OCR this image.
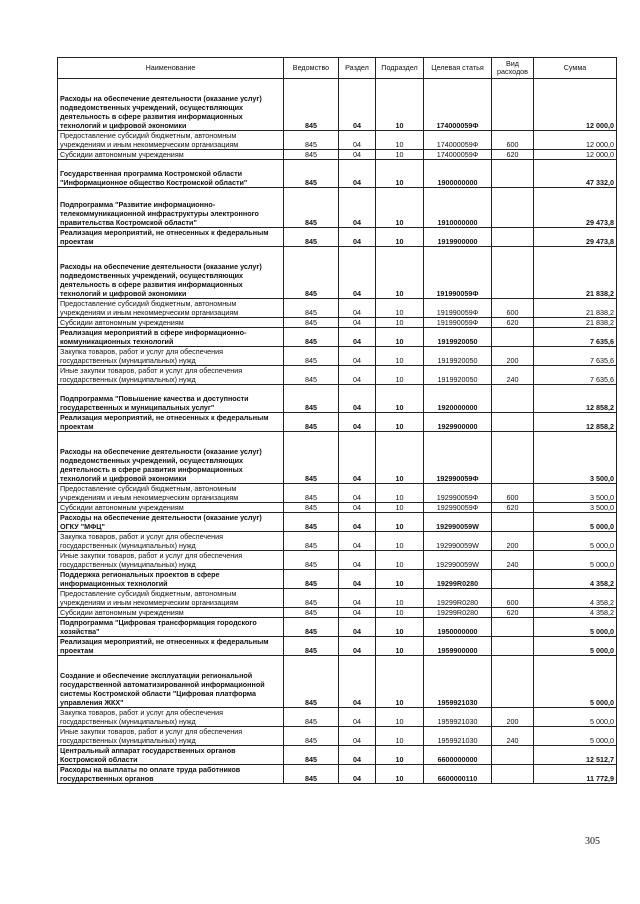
Наименование	Ведомство	Раздел	Подраздел	Целевая статья	Вид расходов	Сумма
Расходы на обеспечение деятельности (оказание услуг) подведомственных учреждений, осуществляющих деятельность в сфере развития информационных технологий и цифровой экономики	845	04	10	174000059Ф		12 000,0
Предоставление субсидий бюджетным, автономным учреждениям и иным некоммерческим организациям	845	04	10	174000059Ф	600	12 000,0
Субсидии автономным учреждениям	845	04	10	174000059Ф	620	12 000,0
Государственная программа Костромской области "Информационное общество Костромской области"	845	04	10	1900000000		47 332,0
Подпрограмма "Развитие информационно-телекоммуникационной инфраструктуры электронного правительства Костромской области"	845	04	10	1910000000		29 473,8
Реализация мероприятий, не отнесенных к федеральным проектам	845	04	10	1919900000		29 473,8
Расходы на обеспечение деятельности (оказание услуг) подведомственных учреждений, осуществляющих деятельность в сфере развития информационных технологий и цифровой экономики	845	04	10	191990059Ф		21 838,2
Предоставление субсидий бюджетным, автономным учреждениям и иным некоммерческим организациям	845	04	10	191990059Ф	600	21 838,2
Субсидии автономным учреждениям	845	04	10	191990059Ф	620	21 838,2
Реализация мероприятий в сфере информационно-коммуникационных технологий	845	04	10	1919920050		7 635,6
Закупка товаров, работ и услуг для обеспечения государственных (муниципальных) нужд	845	04	10	1919920050	200	7 635,6
Иные закупки товаров, работ и услуг для обеспечения государственных (муниципальных) нужд	845	04	10	1919920050	240	7 635,6
Подпрограмма "Повышение качества и доступности государственных и муниципальных услуг"	845	04	10	1920000000		12 858,2
Реализация мероприятий, не отнесенных к федеральным проектам	845	04	10	1929900000		12 858,2
Расходы на обеспечение деятельности (оказание услуг) подведомственных учреждений, осуществляющих деятельность в сфере развития информационных технологий и цифровой экономики	845	04	10	192990059Ф		3 500,0
Предоставление субсидий бюджетным, автономным учреждениям и иным некоммерческим организациям	845	04	10	192990059Ф	600	3 500,0
Субсидии автономным учреждениям	845	04	10	192990059Ф	620	3 500,0
Расходы на обеспечение деятельности (оказание услуг) ОГКУ "МФЦ"	845	04	10	192990059W		5 000,0
Закупка товаров, работ и услуг для обеспечения государственных (муниципальных) нужд	845	04	10	192990059W	200	5 000,0
Иные закупки товаров, работ и услуг для обеспечения государственных (муниципальных) нужд	845	04	10	192990059W	240	5 000,0
Поддержка региональных проектов в сфере информационных технологий	845	04	10	19299R0280		4 358,2
Предоставление субсидий бюджетным, автономным учреждениям и иным некоммерческим организациям	845	04	10	19299R0280	600	4 358,2
Субсидии автономным учреждениям	845	04	10	19299R0280	620	4 358,2
Подпрограмма "Цифровая трансформация городского хозяйства"	845	04	10	1950000000		5 000,0
Реализация мероприятий, не отнесенных к федеральным проектам	845	04	10	1959900000		5 000,0
Создание и обеспечение эксплуатации региональной государственной автоматизированной информационной системы Костромской области "Цифровая платформа управления ЖКХ"	845	04	10	1959921030		5 000,0
Закупка товаров, работ и услуг для обеспечения государственных (муниципальных) нужд	845	04	10	1959921030	200	5 000,0
Иные закупки товаров, работ и услуг для обеспечения государственных (муниципальных) нужд	845	04	10	1959921030	240	5 000,0
Центральный аппарат государственных органов Костромской области	845	04	10	6600000000		12 512,7
Расходы на выплаты по оплате труда работников государственных органов	845	04	10	6600000110		11 772,9
305
